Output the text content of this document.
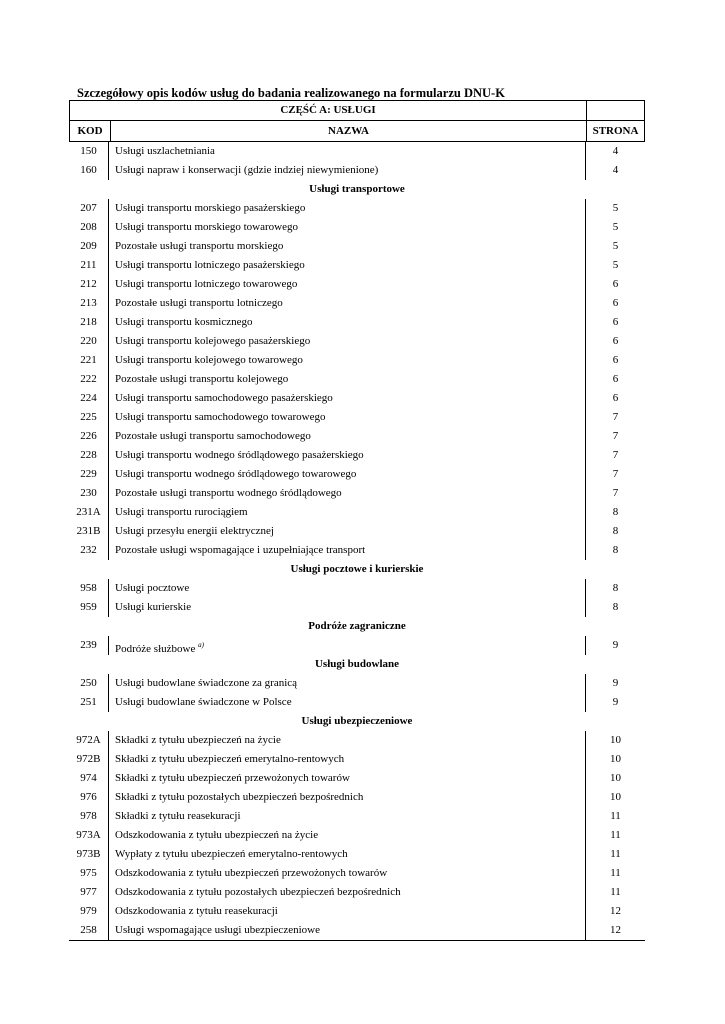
Szczegółowy opis kodów usług do badania realizowanego na formularzu DNU-K
CZĘŚĆ A: USŁUGI
KOD	NAZWA	STRONA
150	Usługi uszlachetniania	4
160	Usługi napraw i konserwacji (gdzie indziej niewymienione)	4
Usługi transportowe
207	Usługi transportu morskiego pasażerskiego	5
208	Usługi transportu morskiego towarowego	5
209	Pozostałe usługi transportu morskiego	5
211	Usługi transportu lotniczego pasażerskiego	5
212	Usługi transportu lotniczego towarowego	6
213	Pozostałe usługi transportu lotniczego	6
218	Usługi transportu kosmicznego	6
220	Usługi transportu kolejowego pasażerskiego	6
221	Usługi transportu kolejowego towarowego	6
222	Pozostałe usługi transportu kolejowego	6
224	Usługi transportu samochodowego pasażerskiego	6
225	Usługi transportu samochodowego towarowego	7
226	Pozostałe usługi transportu samochodowego	7
228	Usługi transportu wodnego śródlądowego pasażerskiego	7
229	Usługi transportu wodnego śródlądowego towarowego	7
230	Pozostałe usługi transportu wodnego śródlądowego	7
231A	Usługi transportu rurociągiem	8
231B	Usługi przesyłu energii elektrycznej	8
232	Pozostałe usługi wspomagające i uzupełniające transport	8
Usługi pocztowe i kurierskie
958	Usługi pocztowe	8
959	Usługi kurierskie	8
Podróże zagraniczne
239	Podróże służbowe $^{a)}$	9
Usługi budowlane
250	Usługi budowlane świadczone za granicą	9
251	Usługi budowlane świadczone w Polsce	9
Usługi ubezpieczeniowe
972A	Składki z tytułu ubezpieczeń na życie	10
972B	Składki z tytułu ubezpieczeń emerytalno-rentowych	10
974	Składki z tytułu ubezpieczeń przewożonych towarów	10
976	Składki z tytułu pozostałych ubezpieczeń bezpośrednich	10
978	Składki z tytułu reasekuracji	11
973A	Odszkodowania z tytułu ubezpieczeń na życie	11
973B	Wypłaty z tytułu ubezpieczeń emerytalno-rentowych	11
975	Odszkodowania z tytułu ubezpieczeń przewożonych towarów	11
977	Odszkodowania z tytułu pozostałych ubezpieczeń bezpośrednich	11
979	Odszkodowania z tytułu reasekuracji	12
258	Usługi wspomagające usługi ubezpieczeniowe	12
